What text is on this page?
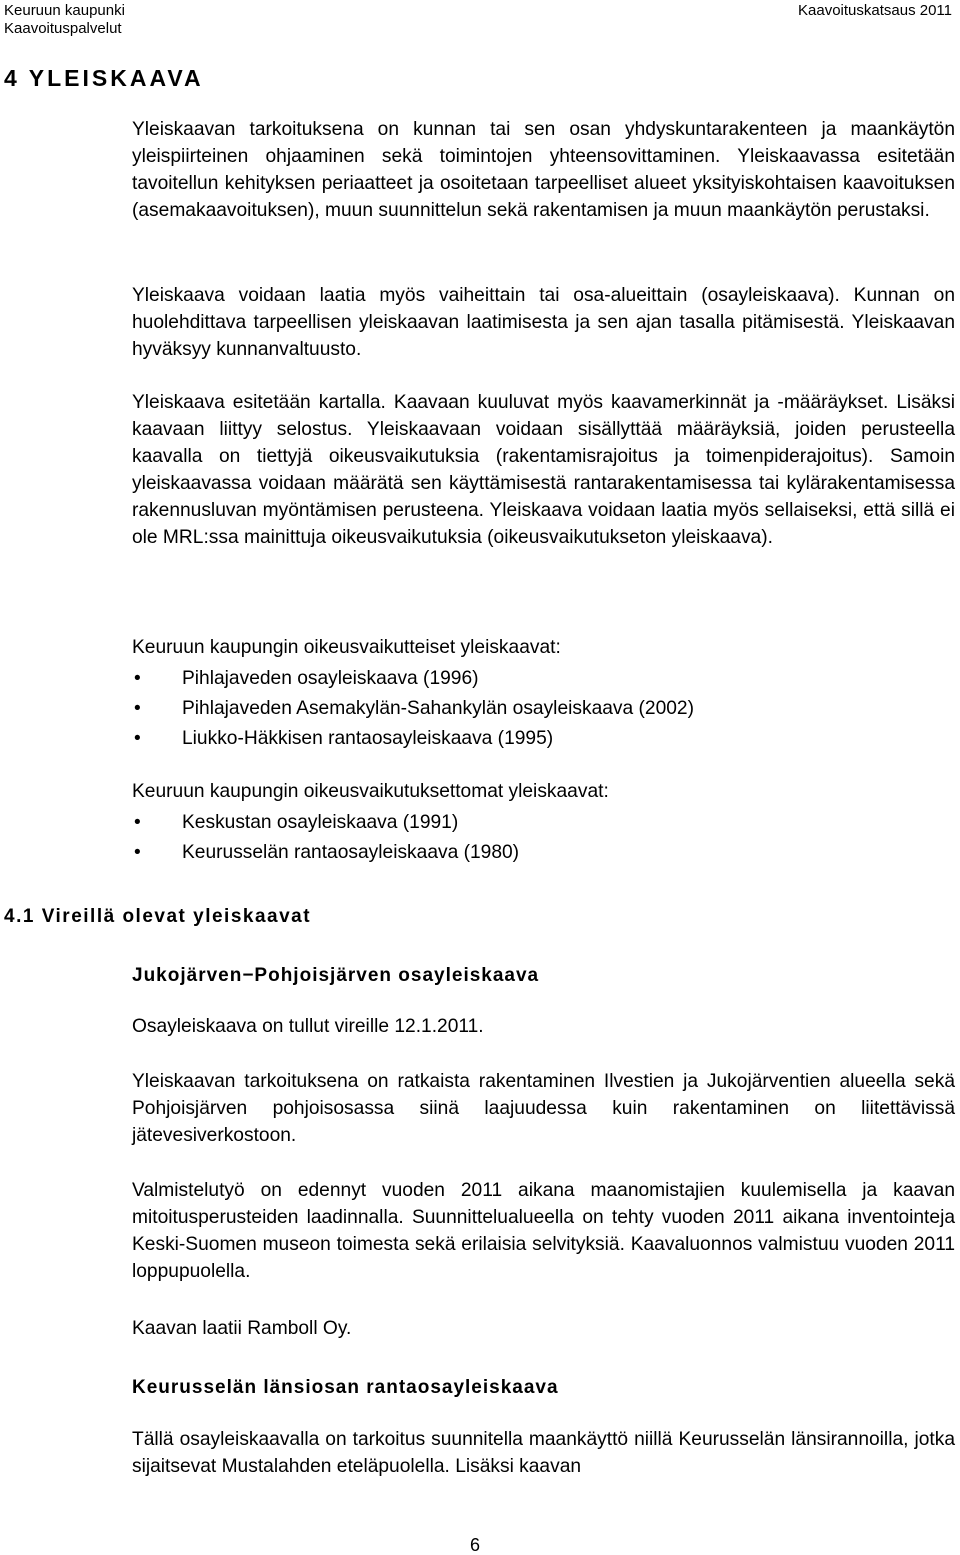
Keuruun kaupunki
Kaavoituspalvelut
Kaavoituskatsaus 2011
4 YLEISKAAVA
Yleiskaavan tarkoituksena on kunnan tai sen osan yhdyskuntarakenteen ja maankäytön yleispiirteinen ohjaaminen sekä toimintojen yhteensovittaminen. Yleiskaavassa esitetään tavoitellun kehityksen periaatteet ja osoitetaan tarpeelliset alueet yksityiskohtaisen kaavoituksen (asemakaavoituksen), muun suunnittelun sekä rakentamisen ja muun maankäytön perustaksi.
Yleiskaava voidaan laatia myös vaiheittain tai osa-alueittain (osayleiskaava). Kunnan on huolehdittava tarpeellisen yleiskaavan laatimisesta ja sen ajan tasalla pitämisestä. Yleiskaavan hyväksyy kunnanvaltuusto.
Yleiskaava esitetään kartalla. Kaavaan kuuluvat myös kaavamerkinnät ja -määräykset. Lisäksi kaavaan liittyy selostus. Yleiskaavaan voidaan sisällyttää määräyksiä, joiden perusteella kaavalla on tiettyjä oikeusvaikutuksia (rakentamisrajoitus ja toimenpiderajoitus). Samoin yleiskaavassa voidaan määrätä sen käyttämisestä rantarakentamisessa tai kylärakentamisessa rakennusluvan myöntämisen perusteena. Yleiskaava voidaan laatia myös sellaiseksi, että sillä ei ole MRL:ssa mainittuja oikeusvaikutuksia (oikeusvaikutukseton yleiskaava).
Keuruun kaupungin oikeusvaikutteiset yleiskaavat:
• Pihlajaveden osayleiskaava (1996)
• Pihlajaveden Asemakylän-Sahankylän osayleiskaava (2002)
• Liukko-Häkkisen rantaosayleiskaava (1995)
Keuruun kaupungin oikeusvaikutuksettomat yleiskaavat:
• Keskustan osayleiskaava (1991)
• Keurusselän rantaosayleiskaava (1980)
4.1 Vireillä olevat yleiskaavat
Jukojärven−Pohjoisjärven osayleiskaava
Osayleiskaava on tullut vireille 12.1.2011.
Yleiskaavan tarkoituksena on ratkaista rakentaminen Ilvestien ja Jukojärventien alueella sekä Pohjoisjärven pohjoisosassa siinä laajuudessa kuin rakentaminen on liitettävissä jätevesiverkostoon.
Valmistelutyö on edennyt vuoden 2011 aikana maanomistajien kuulemisella ja kaavan mitoitusperusteiden laadinnalla. Suunnittelualueella on tehty vuoden 2011 aikana inventointeja Keski-Suomen museon toimesta sekä erilaisia selvityksiä. Kaavaluonnos valmistuu vuoden 2011 loppupuolella.
Kaavan laatii Ramboll Oy.
Keurusselän länsiosan rantaosayleiskaava
Tällä osayleiskaavalla on tarkoitus suunnitella maankäyttö niillä Keurusselän länsirannoilla, jotka sijaitsevat Mustalahden eteläpuolella. Lisäksi kaavan
6
